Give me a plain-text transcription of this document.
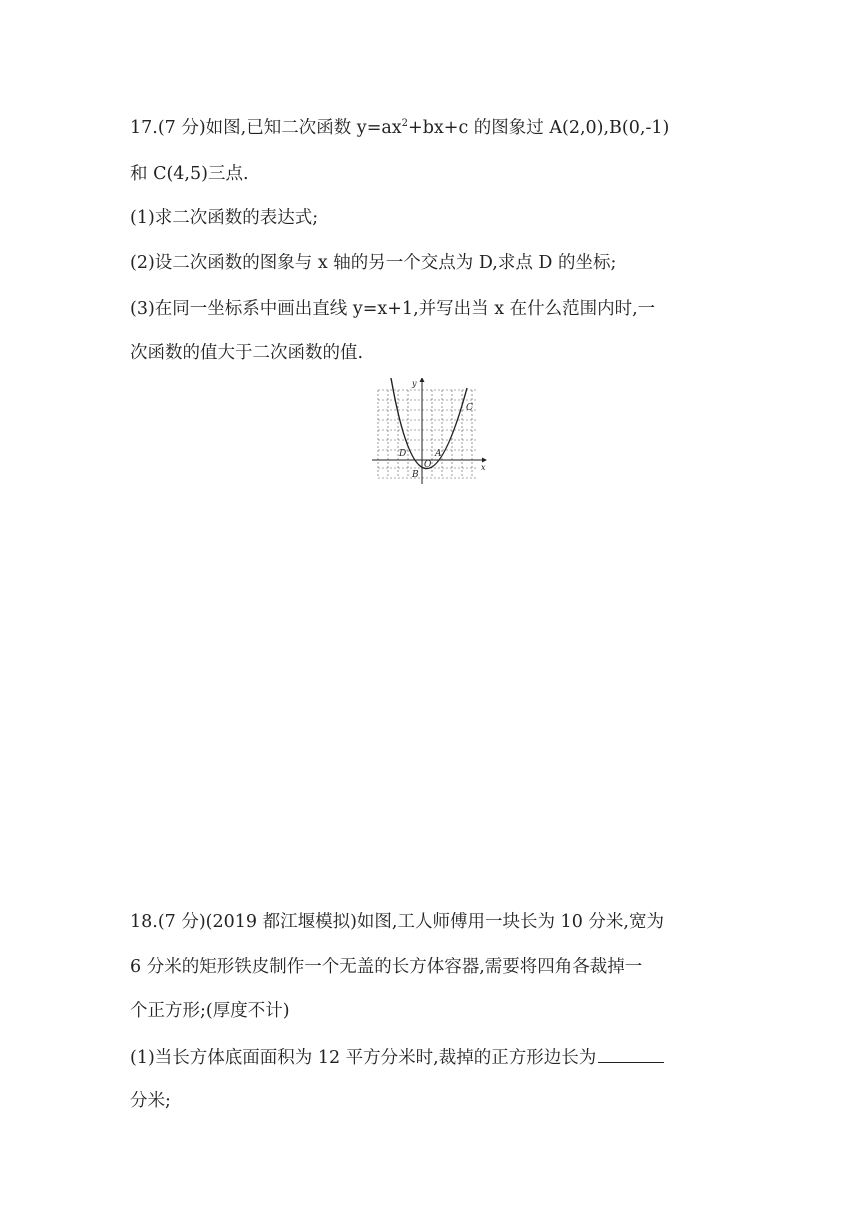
17.(7 分)如图,已知二次函数 $y=ax^2+bx+c$ 的图象过 A(2,0),B(0,-1)
和 C(4,5)三点.
(1)求二次函数的表达式;
(2)设二次函数的图象与 x 轴的另一个交点为 D,求点 D 的坐标;
(3)在同一坐标系中画出直线 y=x+1,并写出当 x 在什么范围内时,一
次函数的值大于二次函数的值.
y
x
C
D	A
O
B
18.(7 分)(2019 都江堰模拟)如图,工人师傅用一块长为 10 分米,宽为
6 分米的矩形铁皮制作一个无盖的长方体容器,需要将四角各裁掉一
个正方形;(厚度不计)
(1)当长方体底面面积为 12 平方分米时,裁掉的正方形边长为
分米;
